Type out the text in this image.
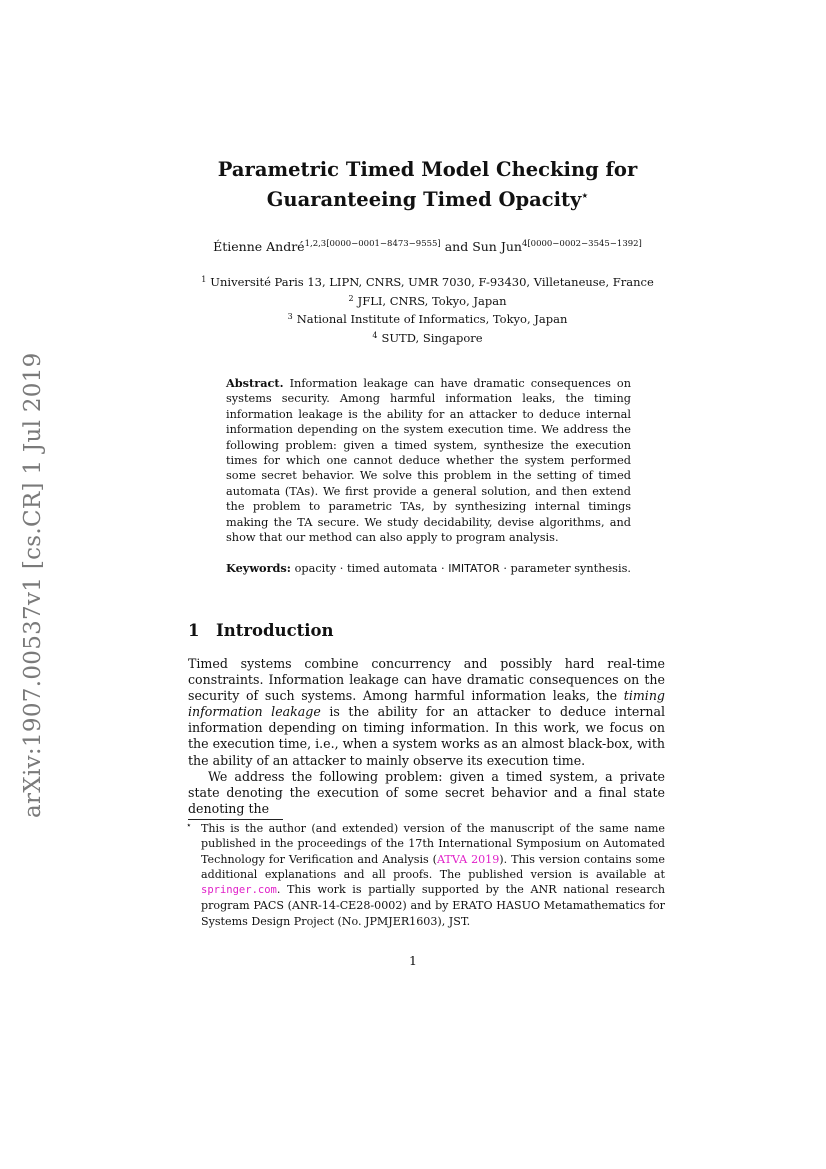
arXiv:1907.00537v1 [cs.CR] 1 Jul 2019
Parametric Timed Model Checking for
Guaranteeing Timed Opacity⋆
Étienne André$^{1,2,3[0000-0001-8473-9555]}$ and Sun Jun$^{4[0000-0002-3545-1392]}$
$^1$ Université Paris 13, LIPN, CNRS, UMR 7030, F-93430, Villetaneuse, France
$^2$ JFLI, CNRS, Tokyo, Japan
$^3$ National Institute of Informatics, Tokyo, Japan
$^4$ SUTD, Singapore
Abstract. Information leakage can have dramatic consequences on systems security. Among harmful information leaks, the timing information leakage is the ability for an attacker to deduce internal information depending on the system execution time. We address the following problem: given a timed system, synthesize the execution times for which one cannot deduce whether the system performed some secret behavior. We solve this problem in the setting of timed automata (TAs). We first provide a general solution, and then extend the problem to parametric TAs, by synthesizing internal timings making the TA secure. We study decidability, devise algorithms, and show that our method can also apply to program analysis.
Keywords: opacity · timed automata · IMITATOR · parameter synthesis.
1 Introduction

Timed systems combine concurrency and possibly hard real-time constraints. Information leakage can have dramatic consequences on the security of such systems. Among harmful information leaks, the timing information leakage is the ability for an attacker to deduce internal information depending on timing information. In this work, we focus on the execution time, i.e., when a system works as an almost black-box, with the ability of an attacker to mainly observe its execution time.

We address the following problem: given a timed system, a private state denoting the execution of some secret behavior and a final state denoting the

⋆ This is the author (and extended) version of the manuscript of the same name published in the proceedings of the 17th International Symposium on Automated Technology for Verification and Analysis (ATVA 2019). This version contains some additional explanations and all proofs. The published version is available at springer.com. This work is partially supported by the ANR national research program PACS (ANR-14-CE28-0002) and by ERATO HASUO Metamathematics for Systems Design Project (No. JPMJER1603), JST.
1
